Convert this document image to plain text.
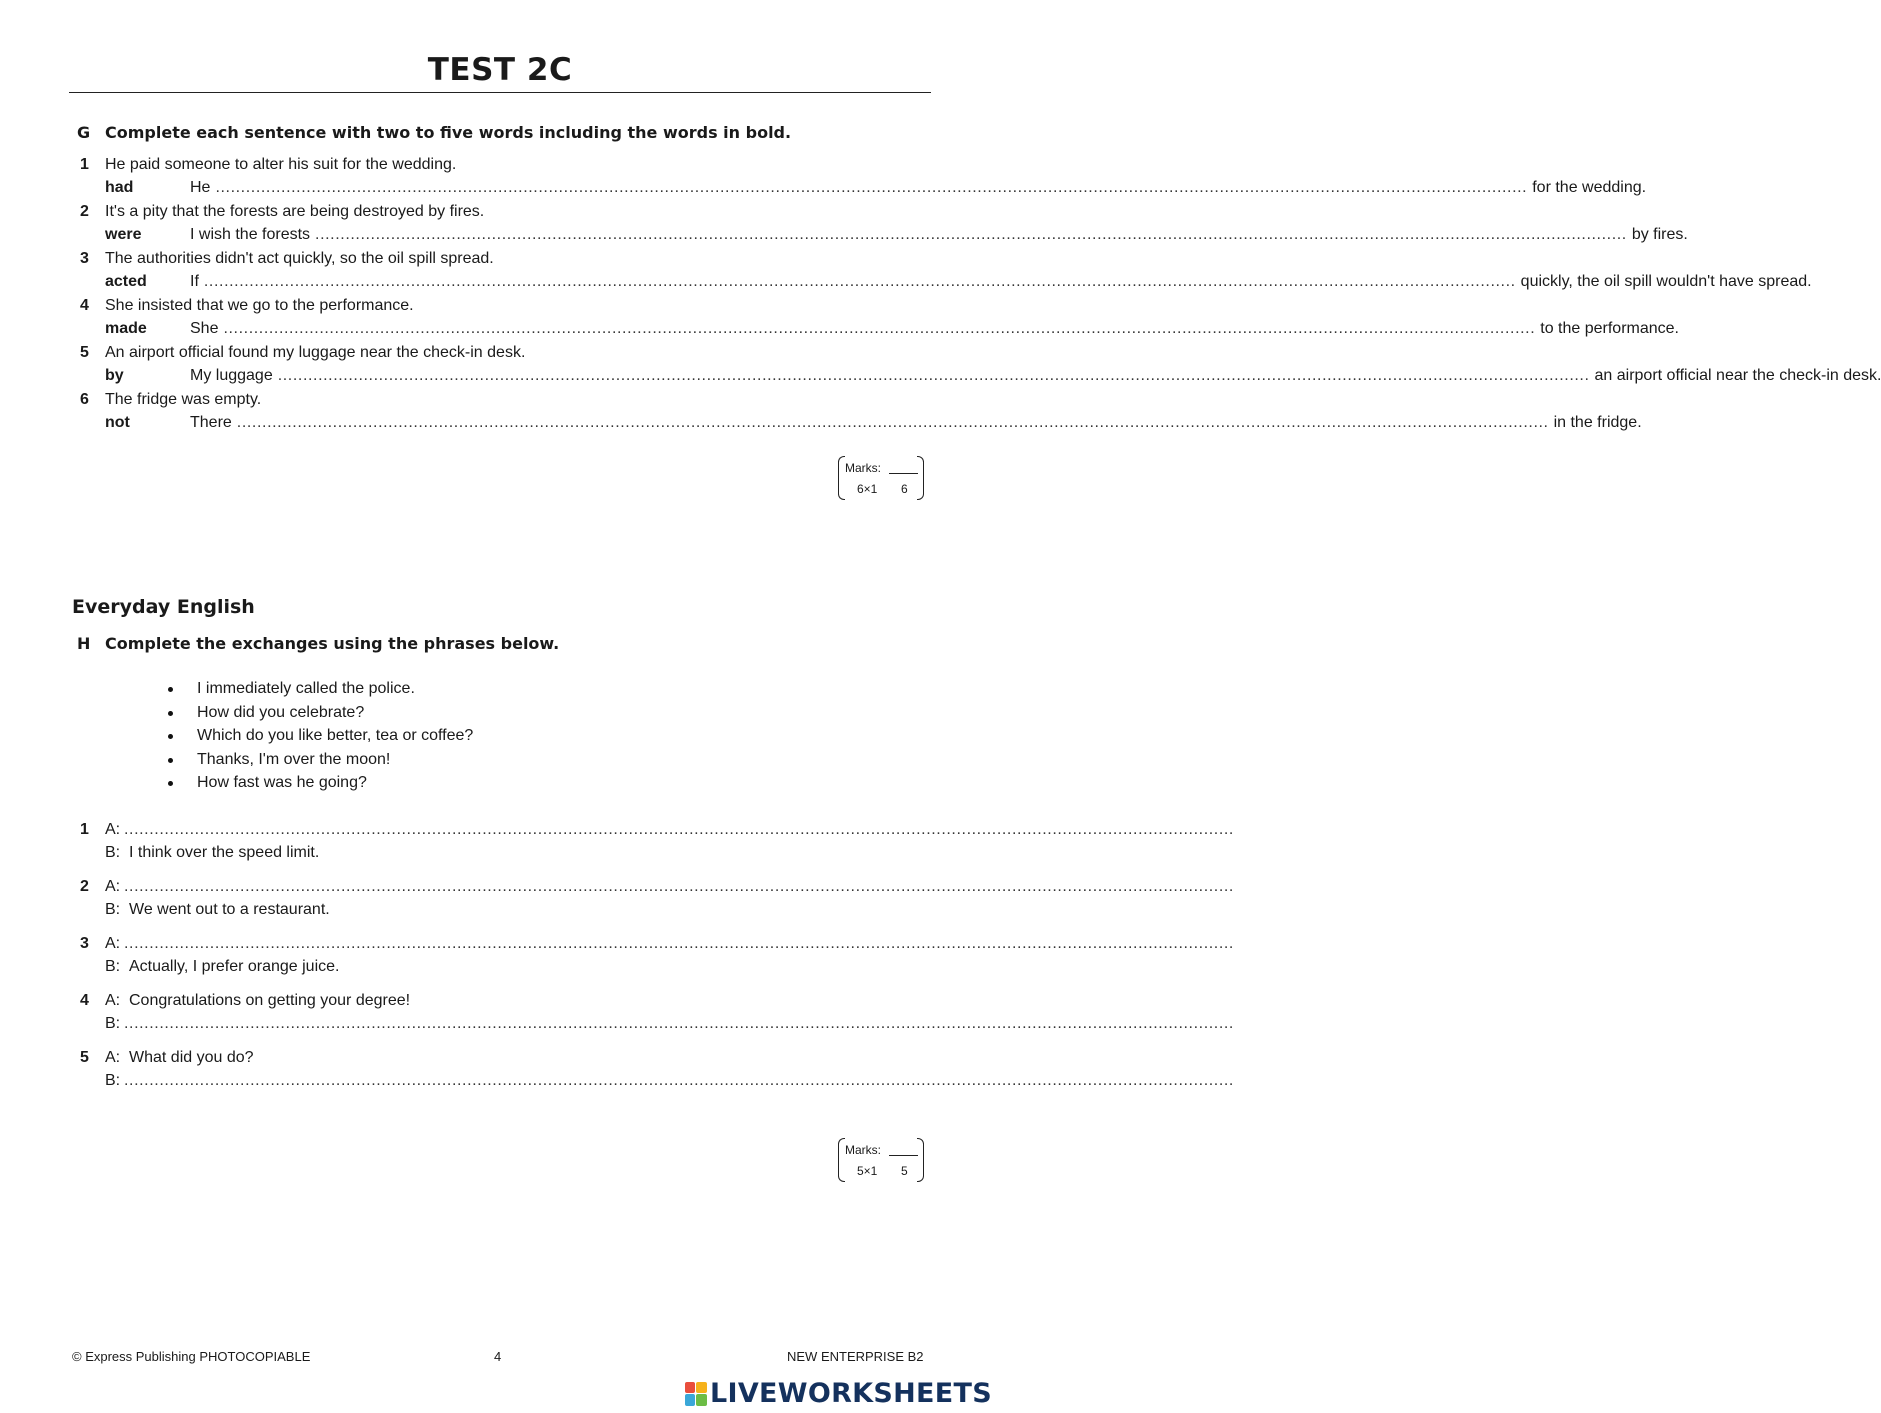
TEST 2C
G Complete each sentence with two to five words including the words in bold.
1 He paid someone to alter his suit for the wedding.
had	He .................................................................................................................................................................................................................................................................... for the wedding.
2 It's a pity that the forests are being destroyed by fires.
were	I wish the forests .................................................................................................................................................................................................................................................................... by fires.
3 The authorities didn't act quickly, so the oil spill spread.
acted	If .................................................................................................................................................................................................................................................................... quickly, the oil spill wouldn't have spread.
4 She insisted that we go to the performance.
made	She .................................................................................................................................................................................................................................................................... to the performance.
5 An airport official found my luggage near the check-in desk.
by	My luggage .................................................................................................................................................................................................................................................................... an airport official near the check-in desk.
6 The fridge was empty.
not	There .................................................................................................................................................................................................................................................................... in the fridge.
Marks:
6×1 6
Everyday English
H Complete the exchanges using the phrases below.
I immediately called the police.
How did you celebrate?
Which do you like better, tea or coffee?
Thanks, I'm over the moon!
How fast was he going?
1 A: ............................................................................................................................................................................................................................
B: I think over the speed limit.
2 A: ............................................................................................................................................................................................................................
B: We went out to a restaurant.
3 A: ............................................................................................................................................................................................................................
B: Actually, I prefer orange juice.
4 A: Congratulations on getting your degree!
B: ............................................................................................................................................................................................................................
5 A: What did you do?
B: ............................................................................................................................................................................................................................
Marks:
5×1 5
© Express Publishing PHOTOCOPIABLE	4	NEW ENTERPRISE B2
LIVEWORKSHEETS
